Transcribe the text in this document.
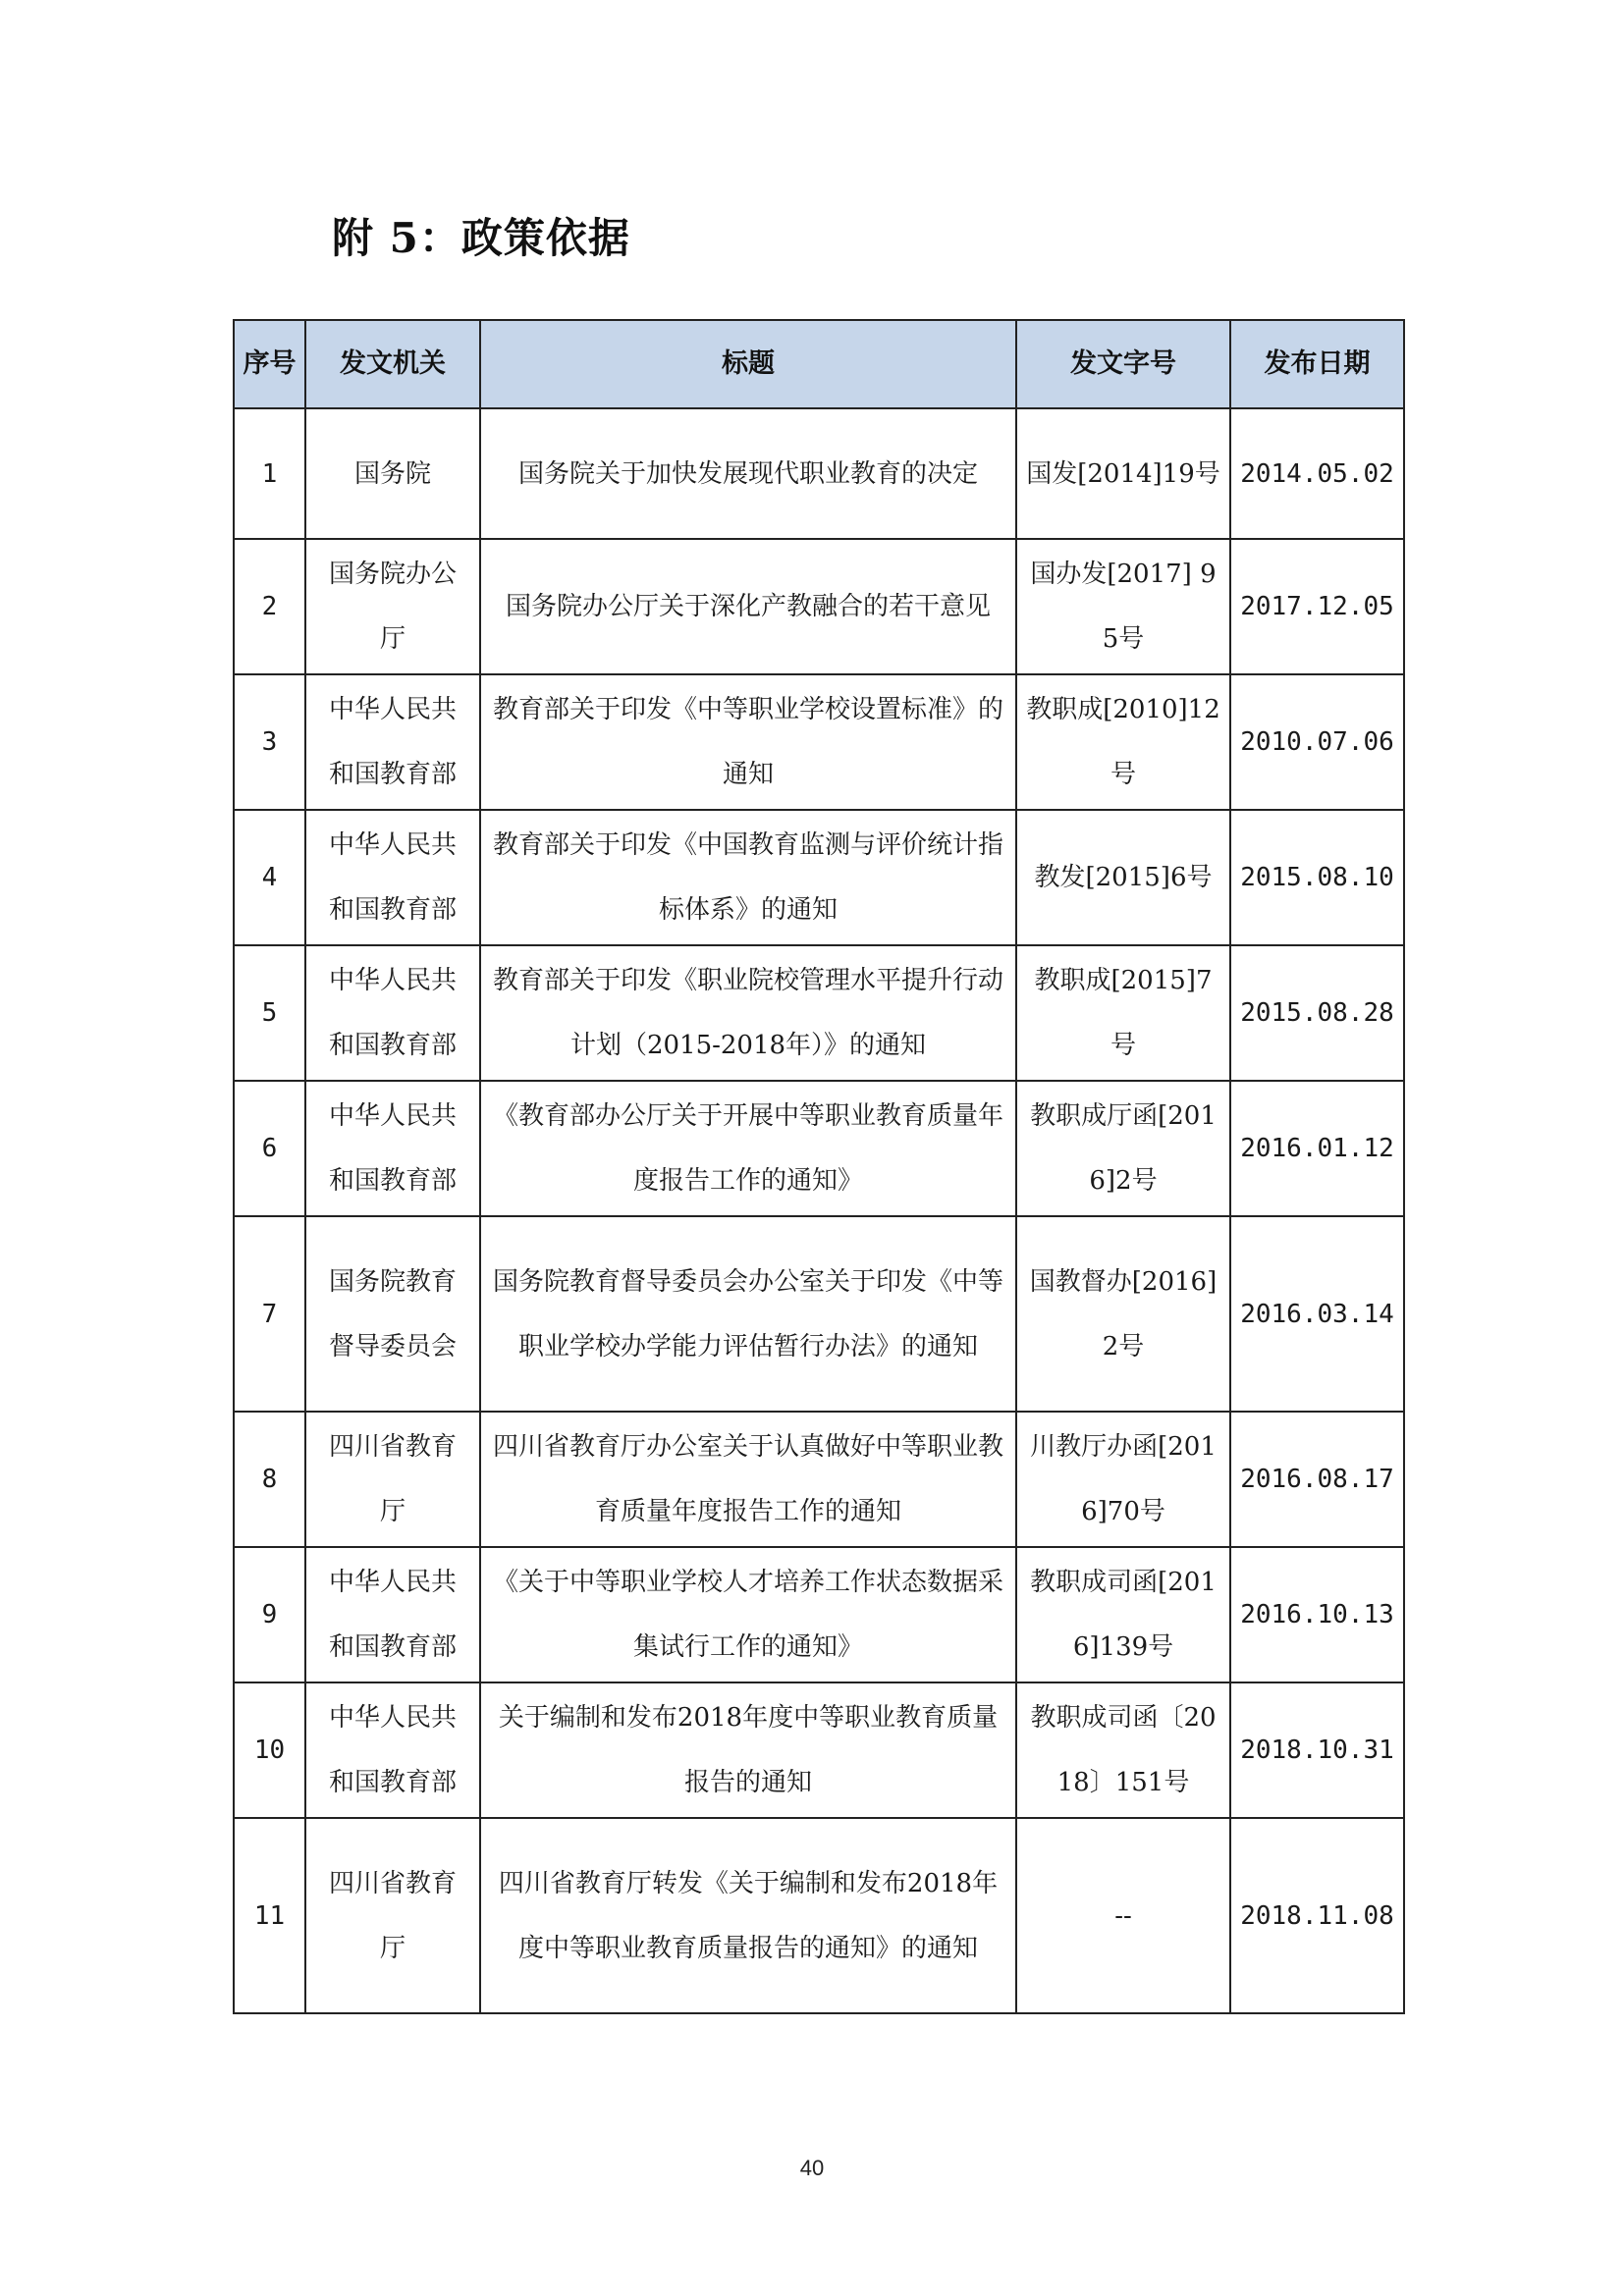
附 5：政策依据
序号	发文机关	标题	发文字号	发布日期
1	国务院	国务院关于加快发展现代职业教育的决定	国发[2014]19号	2014.05.02
2	国务院办公厅	国务院办公厅关于深化产教融合的若干意见	国办发[2017] 95号	2017.12.05
3	中华人民共和国教育部	教育部关于印发《中等职业学校设置标准》的通知	教职成[2010]12号	2010.07.06
4	中华人民共和国教育部	教育部关于印发《中国教育监测与评价统计指标体系》的通知	教发[2015]6号	2015.08.10
5	中华人民共和国教育部	教育部关于印发《职业院校管理水平提升行动计划（2015-2018年）》的通知	教职成[2015]7号	2015.08.28
6	中华人民共和国教育部	《教育部办公厅关于开展中等职业教育质量年度报告工作的通知》	教职成厅函[2016]2号	2016.01.12
7	国务院教育督导委员会	国务院教育督导委员会办公室关于印发《中等职业学校办学能力评估暂行办法》的通知	国教督办[2016]2号	2016.03.14
8	四川省教育厅	四川省教育厅办公室关于认真做好中等职业教育质量年度报告工作的通知	川教厅办函[2016]70号	2016.08.17
9	中华人民共和国教育部	《关于中等职业学校人才培养工作状态数据采集试行工作的通知》	教职成司函[2016]139号	2016.10.13
10	中华人民共和国教育部	关于编制和发布2018年度中等职业教育质量报告的通知	教职成司函〔2018〕151号	2018.10.31
11	四川省教育厅	四川省教育厅转发《关于编制和发布2018年度中等职业教育质量报告的通知》的通知	--	2018.11.08
40
